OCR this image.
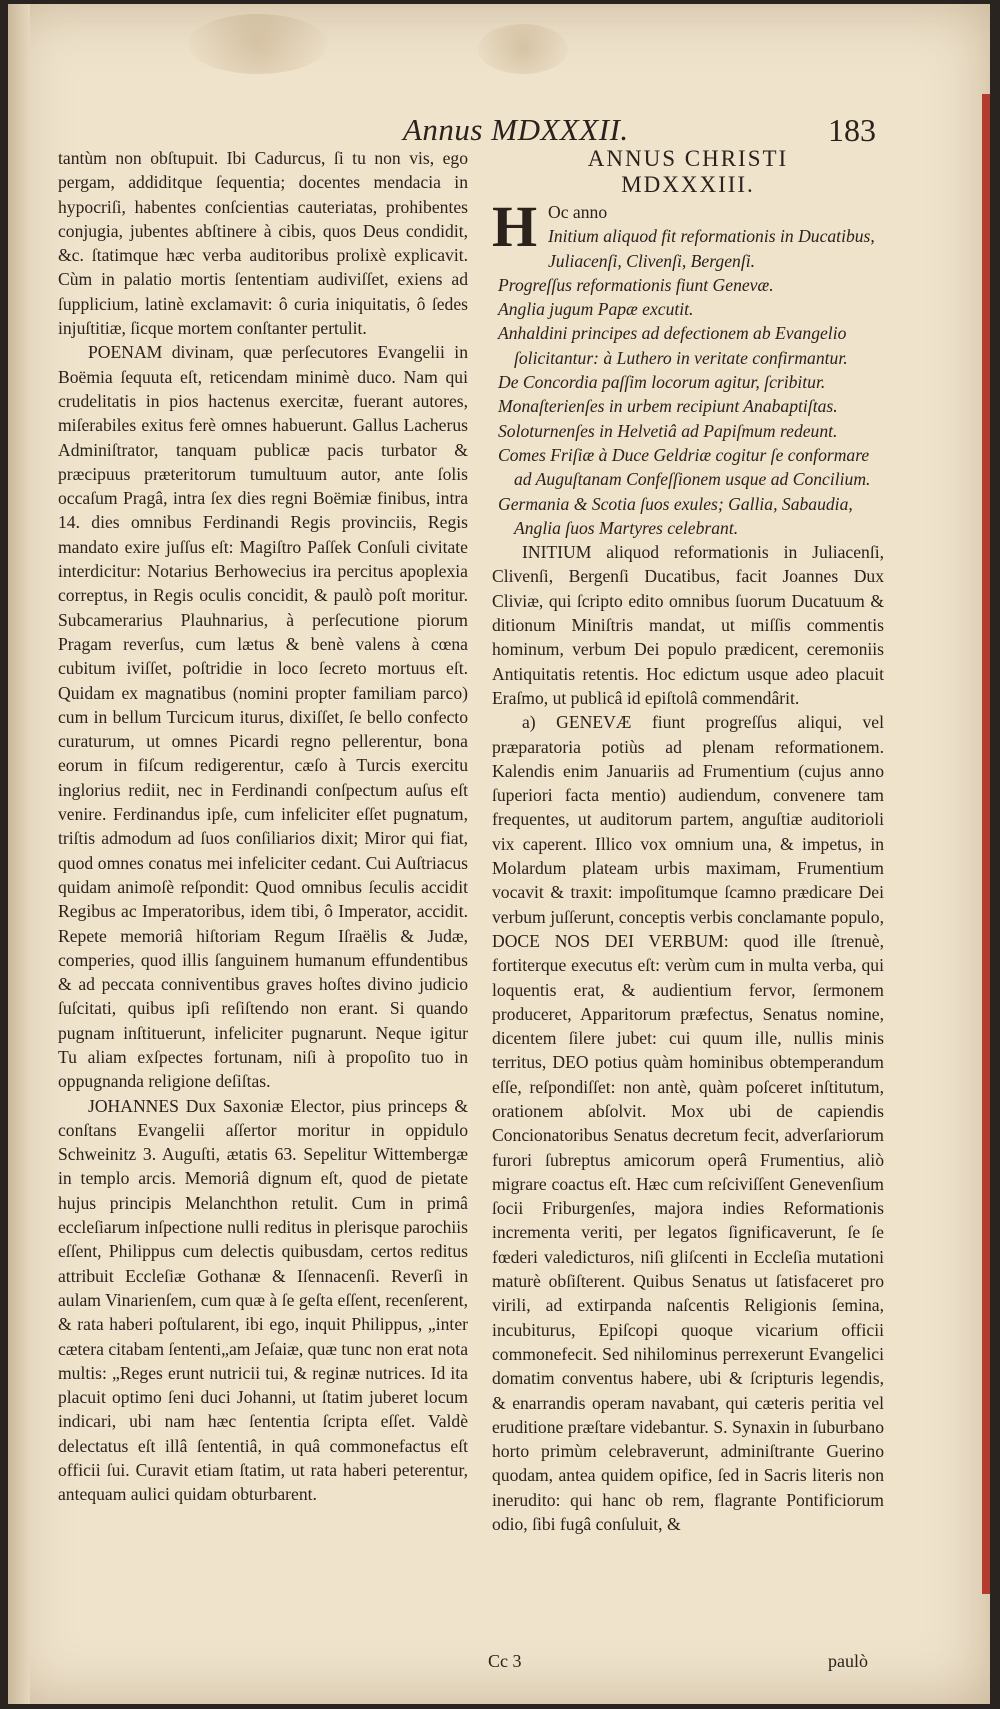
Annus MDXXXII.	183

tantùm non obſtupuit. Ibi Cadurcus, ſi tu non vis, ego pergam, addiditque ſequentia; docentes mendacia in hypocriſi, habentes conſcientias cauteriatas, prohibentes conjugia, jubentes abſtinere à cibis, quos Deus condidit, &c. ſtatimque hæc verba auditoribus prolixè explicavit. Cùm in palatio mortis ſententiam audiviſſet, exiens ad ſupplicium, latinè exclamavit: ô curia iniquitatis, ô ſedes injuſtitiæ, ſicque mortem conſtanter pertulit.

POENAM divinam, quæ perſecutores Evangelii in Boëmia ſequuta eſt, reticendam minimè duco. Nam qui crudelitatis in pios hactenus exercitæ, fuerant autores, miſerabiles exitus ferè omnes habuerunt. Gallus Lacherus Adminiſtrator, tanquam publicæ pacis turbator & præcipuus præteritorum tumultuum autor, ante ſolis occaſum Pragâ, intra ſex dies regni Boëmiæ finibus, intra 14. dies omnibus Ferdinandi Regis provinciis, Regis mandato exire juſſus eſt: Magiſtro Paſſek Conſuli civitate interdicitur: Notarius Berhowecius ira percitus apoplexia correptus, in Regis oculis concidit, & paulò poſt moritur. Subcamerarius Plauhnarius, à perſecutione piorum Pragam reverſus, cum lætus & benè valens à cœna cubitum iviſſet, poſtridie in loco ſecreto mortuus eſt. Quidam ex magnatibus (nomini propter familiam parco) cum in bellum Turcicum iturus, dixiſſet, ſe bello confecto curaturum, ut omnes Picardi regno pellerentur, bona eorum in fiſcum redigerentur, cæſo à Turcis exercitu inglorius rediit, nec in Ferdinandi conſpectum auſus eſt venire. Ferdinandus ipſe, cum infeliciter eſſet pugnatum, triſtis admodum ad ſuos conſiliarios dixit; Miror qui fiat, quod omnes conatus mei infeliciter cedant. Cui Auſtriacus quidam animoſè reſpondit: Quod omnibus ſeculis accidit Regibus ac Imperatoribus, idem tibi, ô Imperator, accidit. Repete memoriâ hiſtoriam Regum Iſraëlis & Judæ, comperies, quod illis ſanguinem humanum effundentibus & ad peccata conniventibus graves hoſtes divino judicio ſuſcitati, quibus ipſi reſiſtendo non erant. Si quando pugnam inſtituerunt, infeliciter pugnarunt. Neque igitur Tu aliam exſpectes fortunam, niſi à propoſito tuo in oppugnanda religione deſiſtas.

JOHANNES Dux Saxoniæ Elector, pius princeps & conſtans Evangelii aſſertor moritur in oppidulo Schweinitz 3. Auguſti, ætatis 63. Sepelitur Wittembergæ in templo arcis. Memoriâ dignum eſt, quod de pietate hujus principis Melanchthon retulit. Cum in primâ eccleſiarum inſpectione nulli reditus in plerisque parochiis eſſent, Philippus cum delectis quibusdam, certos reditus attribuit Eccleſiæ Gothanæ & Iſennacenſi. Reverſi in aulam Vinarienſem, cum quæ à ſe geſta eſſent, recenſerent, & rata haberi poſtularent, ibi ego, inquit Philippus, „inter cætera citabam ſententi„am Jeſaiæ, quæ tunc non erat nota multis: „Reges erunt nutricii tui, & reginæ nutrices. Id ita placuit optimo ſeni duci Johanni, ut ſtatim juberet locum indicari, ubi nam hæc ſententia ſcripta eſſet. Valdè delectatus eſt illâ ſententiâ, in quâ commonefactus eſt officii ſui. Curavit etiam ſtatim, ut rata haberi peterentur, antequam aulici quidam obturbarent.

ANNUS CHRISTI
MDXXXIII.
H Oc anno

Initium aliquod fit reformationis in Ducatibus, Juliacenſi, Clivenſi, Bergenſi.

Progreſſus reformationis fiunt Genevæ.

Anglia jugum Papæ excutit.

Anhaldini principes ad defectionem ab Evangelio ſolicitantur: à Luthero in veritate confirmantur.

De Concordia paſſim locorum agitur, ſcribitur.

Monaſterienſes in urbem recipiunt Anabaptiſtas.

Soloturnenſes in Helvetiâ ad Papiſmum redeunt.

Comes Friſiæ à Duce Geldriæ cogitur ſe conformare ad Auguſtanam Confeſſionem usque ad Concilium.

Germania & Scotia ſuos exules; Gallia, Sabaudia, Anglia ſuos Martyres celebrant.

INITIUM aliquod reformationis in Juliacenſi, Clivenſi, Bergenſi Ducatibus, facit Joannes Dux Cliviæ, qui ſcripto edito omnibus ſuorum Ducatuum & ditionum Miniſtris mandat, ut miſſis commentis hominum, verbum Dei populo prædicent, ceremoniis Antiquitatis retentis. Hoc edictum usque adeo placuit Eraſmo, ut publicâ id epiſtolâ commendârit.

a) GENEVÆ fiunt progreſſus aliqui, vel præparatoria potiùs ad plenam reformationem. Kalendis enim Januariis ad Frumentium (cujus anno ſuperiori facta mentio) audiendum, convenere tam frequentes, ut auditorum partem, anguſtiæ auditorioli vix caperent. Illico vox omnium una, & impetus, in Molardum plateam urbis maximam, Frumentium vocavit & traxit: impoſitumque ſcamno prædicare Dei verbum juſſerunt, conceptis verbis conclamante populo, DOCE NOS DEI VERBUM: quod ille ſtrenuè, fortiterque executus eſt: verùm cum in multa verba, qui loquentis erat, & audientium fervor, ſermonem produceret, Apparitorum præfectus, Senatus nomine, dicentem ſilere jubet: cui quum ille, nullis minis territus, DEO potius quàm hominibus obtemperandum eſſe, reſpondiſſet: non antè, quàm poſceret inſtitutum, orationem abſolvit. Mox ubi de capiendis Concionatoribus Senatus decretum fecit, adverſariorum furori ſubreptus amicorum operâ Frumentius, aliò migrare coactus eſt. Hæc cum reſciviſſent Genevenſium ſocii Friburgenſes, majora indies Reformationis incrementa veriti, per legatos ſignificaverunt, ſe ſe fœderi valedicturos, niſi gliſcenti in Eccleſia mutationi maturè obſiſterent. Quibus Senatus ut ſatisfaceret pro virili, ad extirpanda naſcentis Religionis ſemina, incubiturus, Epiſcopi quoque vicarium officii commonefecit. Sed nihilominus perrexerunt Evangelici domatim conventus habere, ubi & ſcripturis legendis, & enarrandis operam navabant, qui cæteris peritia vel eruditione præſtare videbantur. S. Synaxin in ſuburbano horto primùm celebraverunt, adminiſtrante Guerino quodam, antea quidem opifice, ſed in Sacris literis non inerudito: qui hanc ob rem, flagrante Pontificiorum odio, ſibi fugâ conſuluit, &

Cc 3	paulò
